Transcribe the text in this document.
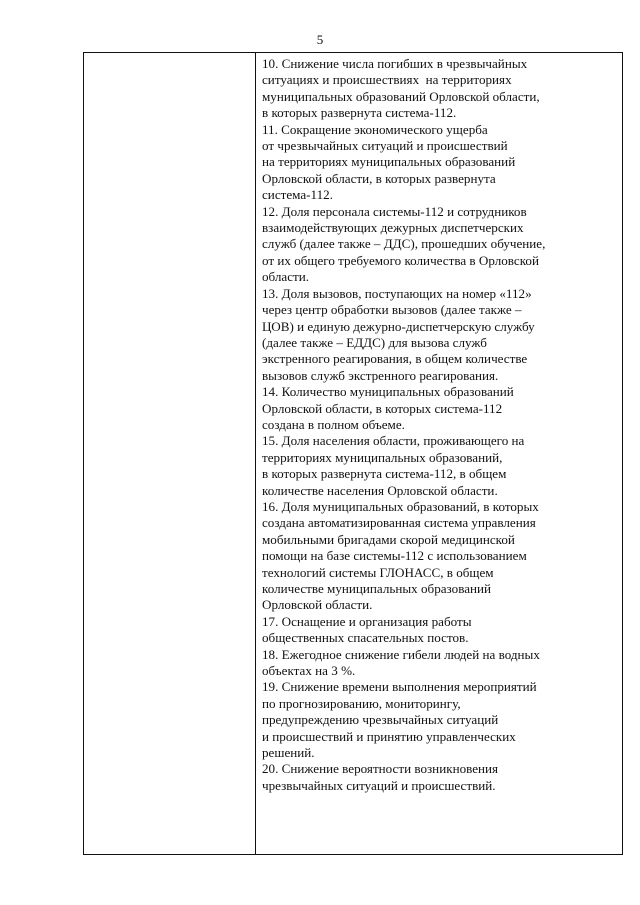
5
10. Снижение числа погибших в чрезвычайных
ситуациях и происшествиях  на территориях
муниципальных образований Орловской области,
в которых развернута система-112.
11. Сокращение экономического ущерба
от чрезвычайных ситуаций и происшествий
на территориях муниципальных образований
Орловской области, в которых развернута
система-112.
12. Доля персонала системы-112 и сотрудников
взаимодействующих дежурных диспетчерских
служб (далее также – ДДС), прошедших обучение,
от их общего требуемого количества в Орловской
области.
13. Доля вызовов, поступающих на номер «112»
через центр обработки вызовов (далее также –
ЦОВ) и единую дежурно-диспетчерскую службу
(далее также – ЕДДС) для вызова служб
экстренного реагирования, в общем количестве
вызовов служб экстренного реагирования.
14. Количество муниципальных образований
Орловской области, в которых система-112
создана в полном объеме.
15. Доля населения области, проживающего на
территориях муниципальных образований,
в которых развернута система-112, в общем
количестве населения Орловской области.
16. Доля муниципальных образований, в которых
создана автоматизированная система управления
мобильными бригадами скорой медицинской
помощи на базе системы-112 с использованием
технологий системы ГЛОНАСС, в общем
количестве муниципальных образований
Орловской области.
17. Оснащение и организация работы
общественных спасательных постов.
18. Ежегодное снижение гибели людей на водных
объектах на 3 %.
19. Снижение времени выполнения мероприятий
по прогнозированию, мониторингу,
предупреждению чрезвычайных ситуаций
и происшествий и принятию управленческих
решений.
20. Снижение вероятности возникновения
чрезвычайных ситуаций и происшествий.
